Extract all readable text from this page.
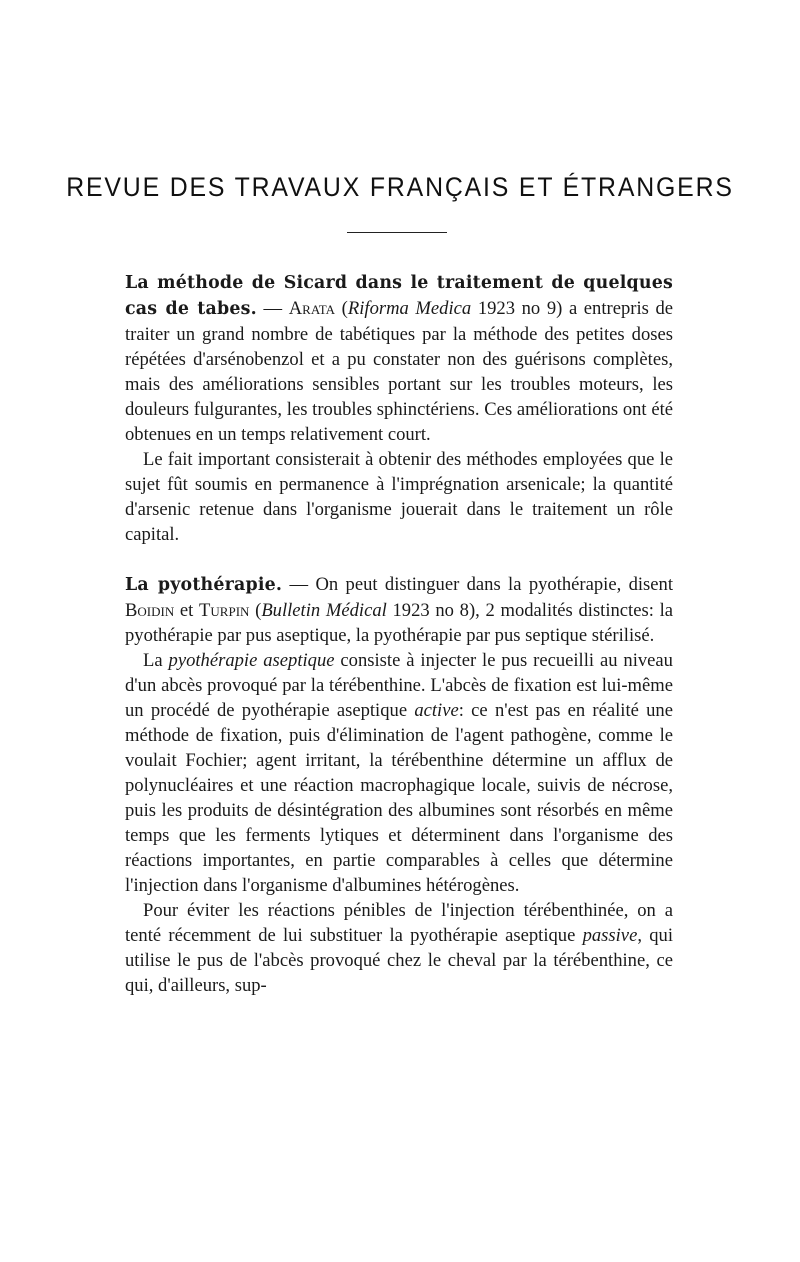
REVUE DES TRAVAUX FRANÇAIS ET ÉTRANGERS

La méthode de Sicard dans le traitement de quelques cas de tabes. — Arata (Riforma Medica 1923 no 9) a entrepris de traiter un grand nombre de tabétiques par la méthode des petites doses répétées d'arsénobenzol et a pu constater non des guérisons complètes, mais des améliorations sensibles portant sur les troubles moteurs, les douleurs fulgurantes, les troubles sphinctériens. Ces améliorations ont été obtenues en un temps relativement court.

Le fait important consisterait à obtenir des méthodes employées que le sujet fût soumis en permanence à l'imprégnation arsenicale; la quantité d'arsenic retenue dans l'organisme jouerait dans le traitement un rôle capital.

La pyothérapie. — On peut distinguer dans la pyothérapie, disent Boidin et Turpin (Bulletin Médical 1923 no 8), 2 modalités distinctes: la pyothérapie par pus aseptique, la pyothérapie par pus septique stérilisé.

La pyothérapie aseptique consiste à injecter le pus recueilli au niveau d'un abcès provoqué par la térébenthine. L'abcès de fixation est lui-même un procédé de pyothérapie aseptique active: ce n'est pas en réalité une méthode de fixation, puis d'élimination de l'agent pathogène, comme le voulait Fochier; agent irritant, la térébenthine détermine un afflux de polynucléaires et une réaction macrophagique locale, suivis de nécrose, puis les produits de désintégration des albumines sont résorbés en même temps que les ferments lytiques et déterminent dans l'organisme des réactions importantes, en partie comparables à celles que détermine l'injection dans l'organisme d'albumines hétérogènes.

Pour éviter les réactions pénibles de l'injection térébenthinée, on a tenté récemment de lui substituer la pyothérapie aseptique passive, qui utilise le pus de l'abcès provoqué chez le cheval par la térébenthine, ce qui, d'ailleurs, sup-
